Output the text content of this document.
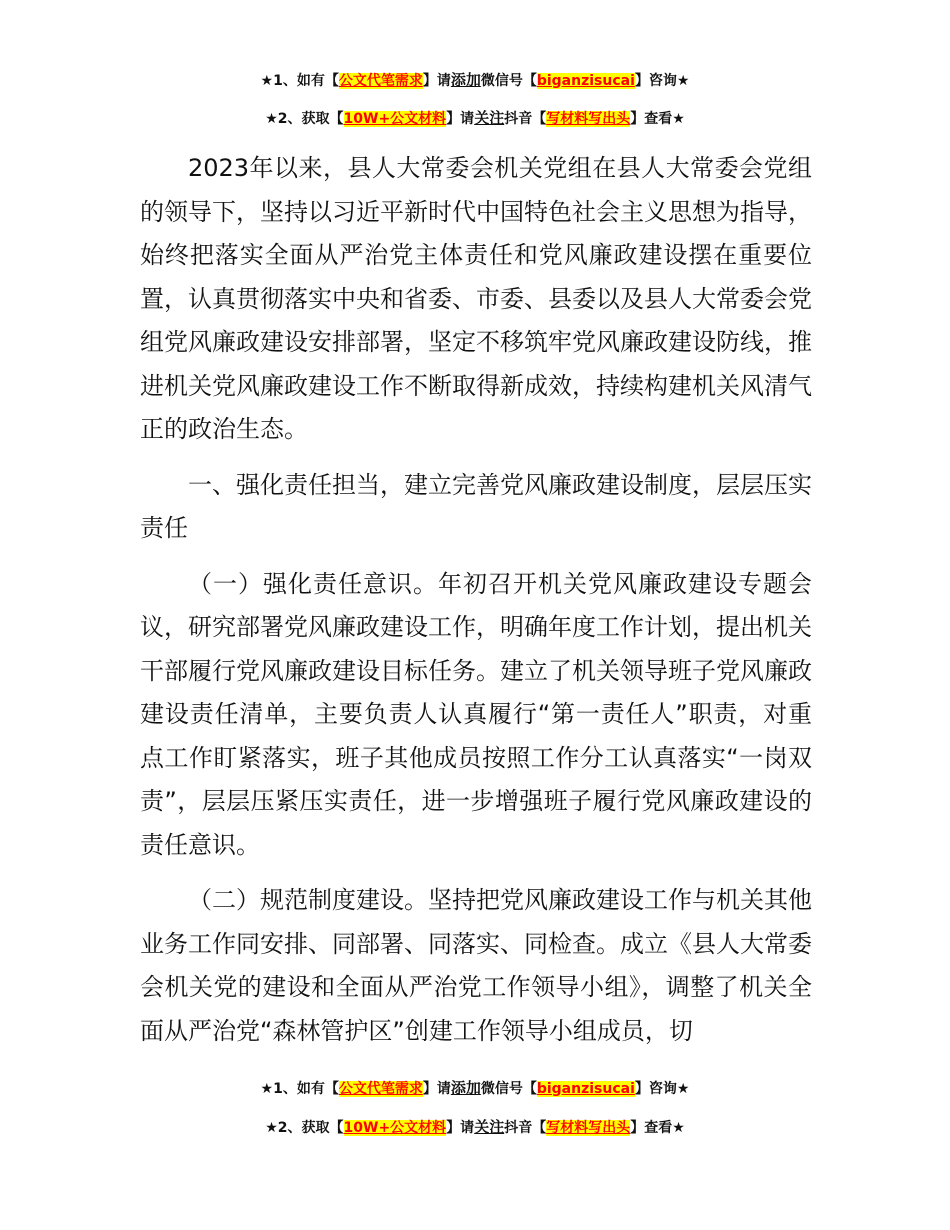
★1、如有【公文代笔需求】请添加微信号【biganzisucai】咨询★
★2、获取【10W+公文材料】请关注抖音【写材料写出头】查看★

2023年以来，县人大常委会机关党组在县人大常委会党组的领导下，坚持以习近平新时代中国特色社会主义思想为指导，始终把落实全面从严治党主体责任和党风廉政建设摆在重要位置，认真贯彻落实中央和省委、市委、县委以及县人大常委会党组党风廉政建设安排部署，坚定不移筑牢党风廉政建设防线，推进机关党风廉政建设工作不断取得新成效，持续构建机关风清气正的政治生态。

一、强化责任担当，建立完善党风廉政建设制度，层层压实责任

（一）强化责任意识。年初召开机关党风廉政建设专题会议，研究部署党风廉政建设工作，明确年度工作计划，提出机关干部履行党风廉政建设目标任务。建立了机关领导班子党风廉政建设责任清单，主要负责人认真履行“第一责任人”职责，对重点工作盯紧落实，班子其他成员按照工作分工认真落实“一岗双责”，层层压紧压实责任，进一步增强班子履行党风廉政建设的责任意识。

（二）规范制度建设。坚持把党风廉政建设工作与机关其他业务工作同安排、同部署、同落实、同检查。成立《县人大常委会机关党的建设和全面从严治党工作领导小组》，调整了机关全面从严治党“森林管护区”创建工作领导小组成员，切

★1、如有【公文代笔需求】请添加微信号【biganzisucai】咨询★
★2、获取【10W+公文材料】请关注抖音【写材料写出头】查看★
